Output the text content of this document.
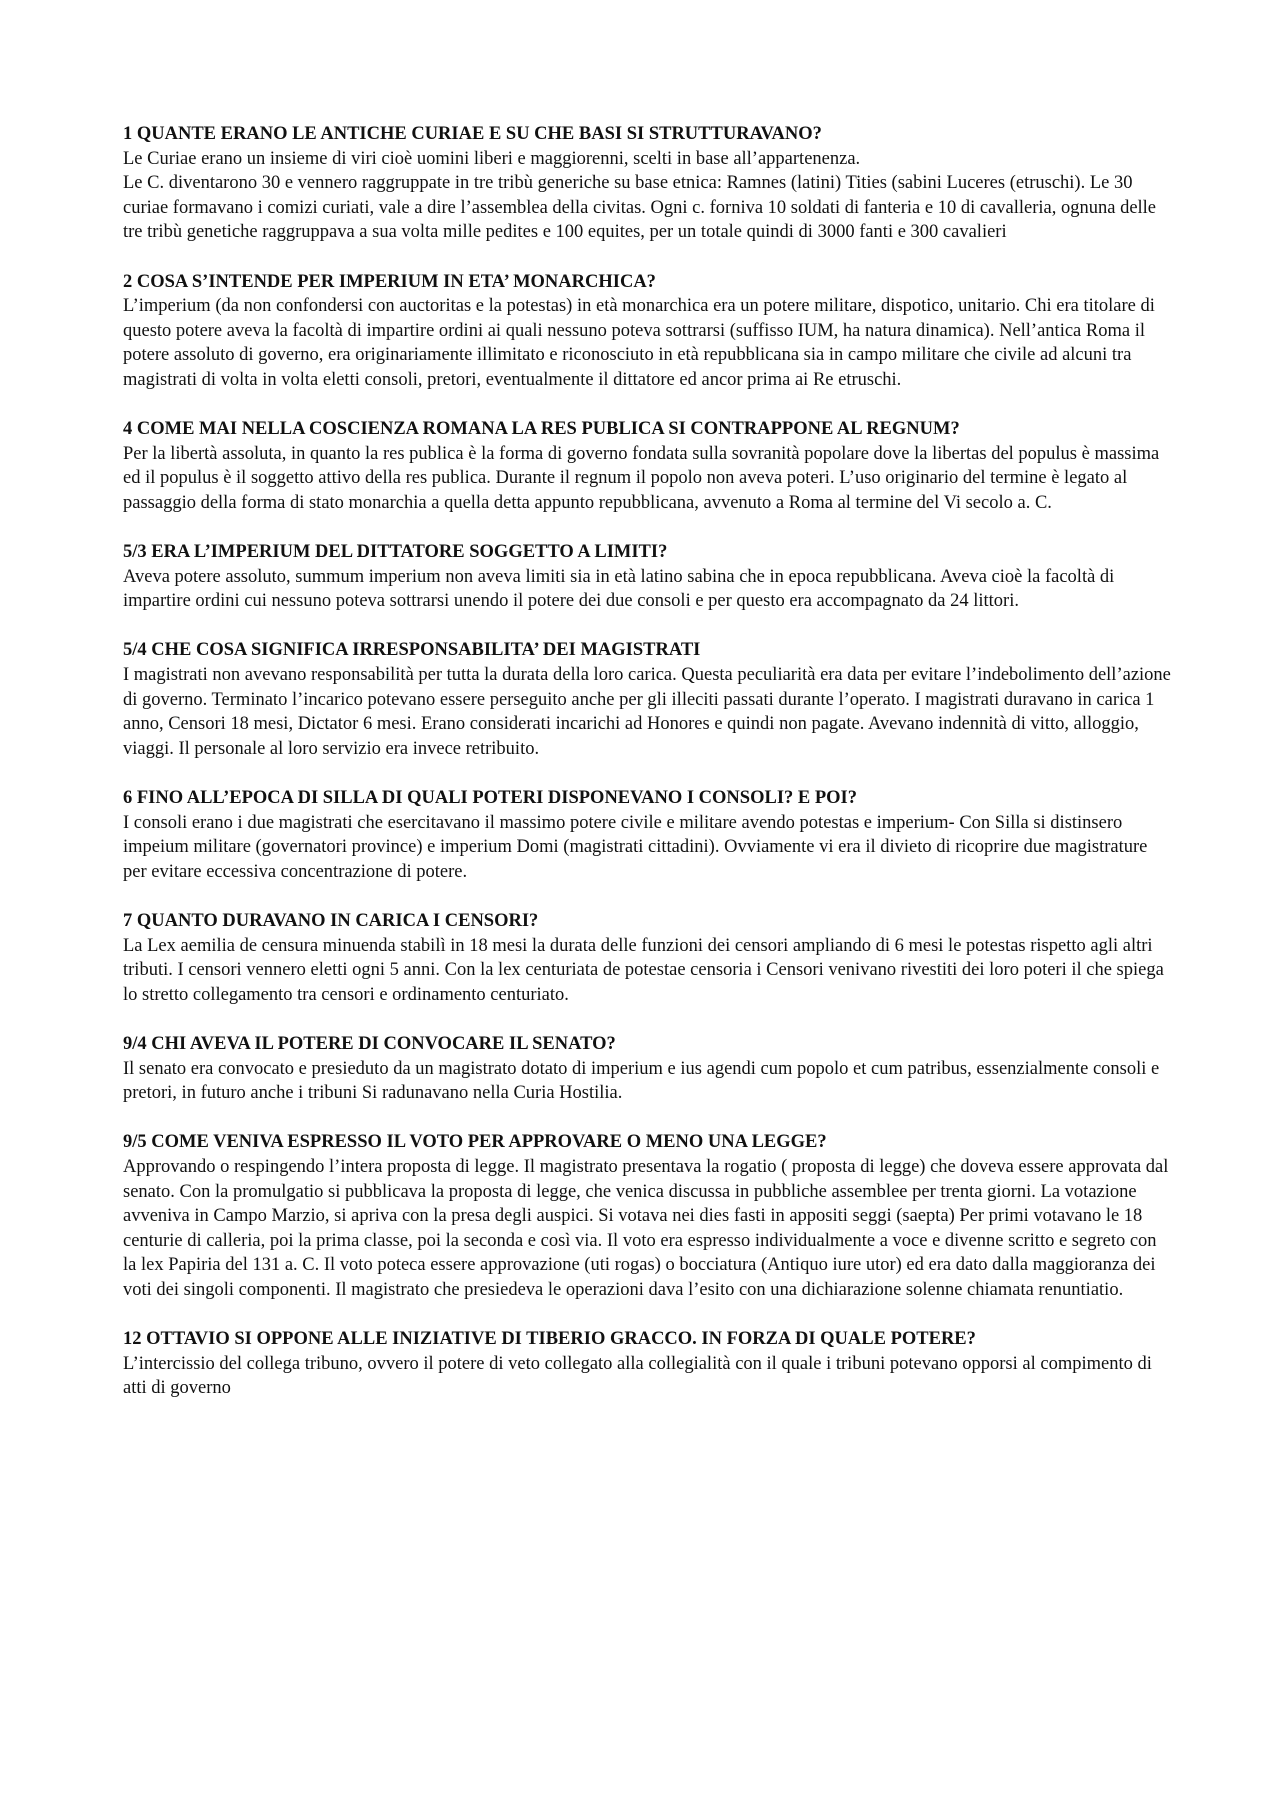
1 QUANTE ERANO LE ANTICHE CURIAE E SU CHE BASI SI STRUTTURAVANO?

Le Curiae erano un insieme di viri cioè uomini liberi e maggiorenni, scelti in base all’appartenenza.

Le C. diventarono 30 e vennero raggruppate in tre tribù generiche su base etnica: Ramnes (latini) Tities (sabini Luceres (etruschi). Le 30 curiae formavano i comizi curiati, vale a dire l’assemblea della civitas. Ogni c. forniva 10 soldati di fanteria e 10 di cavalleria, ognuna delle tre tribù genetiche raggruppava a sua volta mille pedites e 100 equites, per un totale quindi di 3000 fanti e 300 cavalieri

2 COSA S’INTENDE PER IMPERIUM IN ETA’ MONARCHICA?

L’imperium (da non confondersi con auctoritas e la potestas) in età monarchica era un potere militare, dispotico, unitario. Chi era titolare di questo potere aveva la facoltà di impartire ordini ai quali nessuno poteva sottrarsi (suffisso IUM, ha natura dinamica). Nell’antica Roma il potere assoluto di governo, era originariamente illimitato e riconosciuto in età repubblicana sia in campo militare che civile ad alcuni tra magistrati di volta in volta eletti consoli, pretori, eventualmente il dittatore ed ancor prima ai Re etruschi.

4 COME MAI NELLA COSCIENZA ROMANA LA RES PUBLICA SI CONTRAPPONE AL REGNUM?

Per la libertà assoluta, in quanto la res publica è la forma di governo fondata sulla sovranità popolare dove la libertas del populus è massima ed il populus è il soggetto attivo della res publica. Durante il regnum il popolo non aveva poteri. L’uso originario del termine è legato al passaggio della forma di stato monarchia a quella detta appunto repubblicana, avvenuto a Roma al termine del Vi secolo a. C.

5/3 ERA L’IMPERIUM DEL DITTATORE SOGGETTO A LIMITI?

Aveva potere assoluto, summum imperium non aveva limiti sia in età latino sabina che in epoca repubblicana. Aveva cioè la facoltà di impartire ordini cui nessuno poteva sottrarsi unendo il potere dei due consoli e per questo era accompagnato da 24 littori.

5/4 CHE COSA SIGNIFICA IRRESPONSABILITA’ DEI MAGISTRATI

I magistrati non avevano responsabilità per tutta la durata della loro carica. Questa peculiarità era data per evitare l’indebolimento dell’azione di governo. Terminato l’incarico potevano essere perseguito anche per gli illeciti passati durante l’operato. I magistrati duravano in carica 1 anno, Censori 18 mesi, Dictator 6 mesi. Erano considerati incarichi ad Honores e quindi non pagate. Avevano indennità di vitto, alloggio, viaggi. Il personale al loro servizio era invece retribuito.

6 FINO ALL’EPOCA DI SILLA DI QUALI POTERI DISPONEVANO I CONSOLI? E POI?

I consoli erano i due magistrati che esercitavano il massimo potere civile e militare avendo potestas e imperium- Con Silla si distinsero impeium militare (governatori province) e imperium Domi (magistrati cittadini). Ovviamente vi era il divieto di ricoprire due magistrature per evitare eccessiva concentrazione di potere.

7 QUANTO DURAVANO IN CARICA I CENSORI?

La Lex aemilia de censura minuenda stabilì in 18 mesi la durata delle funzioni dei censori ampliando di 6 mesi le potestas rispetto agli altri tributi. I censori vennero eletti ogni 5 anni. Con la lex centuriata de potestae censoria i Censori venivano rivestiti dei loro poteri il che spiega lo stretto collegamento tra censori e ordinamento centuriato.

9/4 CHI AVEVA IL POTERE DI CONVOCARE IL SENATO?

Il senato era convocato e presieduto da un magistrato dotato di imperium e ius agendi cum popolo et cum patribus, essenzialmente consoli e pretori, in futuro anche i tribuni Si radunavano nella Curia Hostilia.

9/5 COME VENIVA ESPRESSO IL VOTO PER APPROVARE O MENO UNA LEGGE?

Approvando o respingendo l’intera proposta di legge. Il magistrato presentava la rogatio ( proposta di legge) che doveva essere approvata dal senato. Con la promulgatio si pubblicava la proposta di legge, che venica discussa in pubbliche assemblee per trenta giorni. La votazione avveniva in Campo Marzio, si apriva con la presa degli auspici. Si votava nei dies fasti in appositi seggi (saepta) Per primi votavano le 18 centurie di calleria, poi la prima classe, poi la seconda e così via. Il voto era espresso individualmente a voce e divenne scritto e segreto con la lex Papiria del 131 a. C. Il voto poteca essere approvazione (uti rogas) o bocciatura (Antiquo iure utor) ed era dato dalla maggioranza dei voti dei singoli componenti. Il magistrato che presiedeva le operazioni dava l’esito con una dichiarazione solenne chiamata renuntiatio.

12 OTTAVIO SI OPPONE ALLE INIZIATIVE DI TIBERIO GRACCO. IN FORZA DI QUALE POTERE?

L’intercissio del collega tribuno, ovvero il potere di veto collegato alla collegialità con il quale i tribuni potevano opporsi al compimento di atti di governo
